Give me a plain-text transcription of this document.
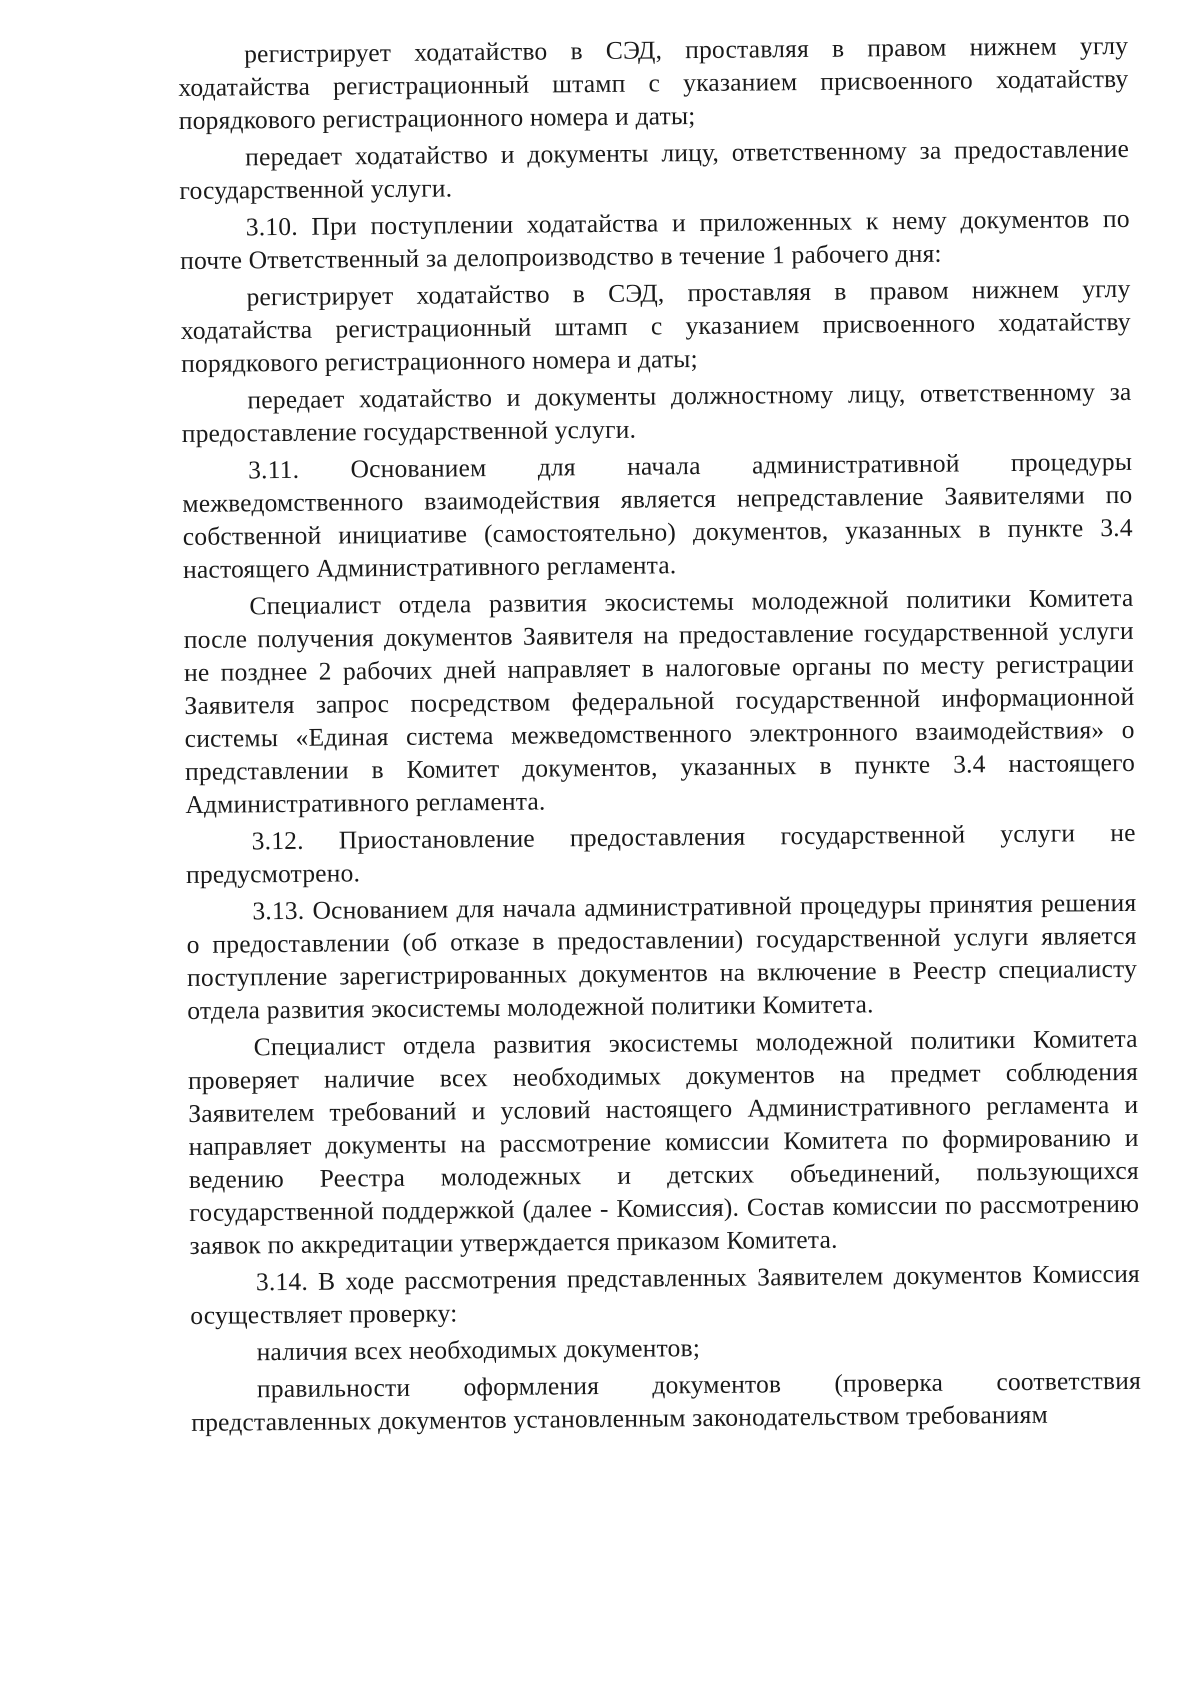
регистрирует ходатайство в СЭД, проставляя в правом нижнем углу ходатайства регистрационный штамп с указанием присвоенного ходатайству порядкового регистрационного номера и даты;

передает ходатайство и документы лицу, ответственному за предоставление государственной услуги.

3.10. При поступлении ходатайства и приложенных к нему документов по почте Ответственный за делопроизводство в течение 1 рабочего дня:

регистрирует ходатайство в СЭД, проставляя в правом нижнем углу ходатайства регистрационный штамп с указанием присвоенного ходатайству порядкового регистрационного номера и даты;

передает ходатайство и документы должностному лицу, ответственному за предоставление государственной услуги.

3.11. Основанием для начала административной процедуры межведомственного взаимодействия является непредставление Заявителями по собственной инициативе (самостоятельно) документов, указанных в пункте 3.4 настоящего Административного регламента.

Специалист отдела развития экосистемы молодежной политики Комитета после получения документов Заявителя на предоставление государственной услуги не позднее 2 рабочих дней направляет в налоговые органы по месту регистрации Заявителя запрос посредством федеральной государственной информационной системы «Единая система межведомственного электронного взаимодействия» о представлении в Комитет документов, указанных в пункте 3.4 настоящего Административного регламента.

3.12. Приостановление предоставления государственной услуги не предусмотрено.

3.13. Основанием для начала административной процедуры принятия решения о предоставлении (об отказе в предоставлении) государственной услуги является поступление зарегистрированных документов на включение в Реестр специалисту отдела развития экосистемы молодежной политики Комитета.

Специалист отдела развития экосистемы молодежной политики Комитета проверяет наличие всех необходимых документов на предмет соблюдения Заявителем требований и условий настоящего Административного регламента и направляет документы на рассмотрение комиссии Комитета по формированию и ведению Реестра молодежных и детских объединений, пользующихся государственной поддержкой (далее - Комиссия). Состав комиссии по рассмотрению заявок по аккредитации утверждается приказом Комитета.

3.14. В ходе рассмотрения представленных Заявителем документов Комиссия осуществляет проверку:

наличия всех необходимых документов;

правильности оформления документов (проверка соответствия представленных документов установленным законодательством требованиям
